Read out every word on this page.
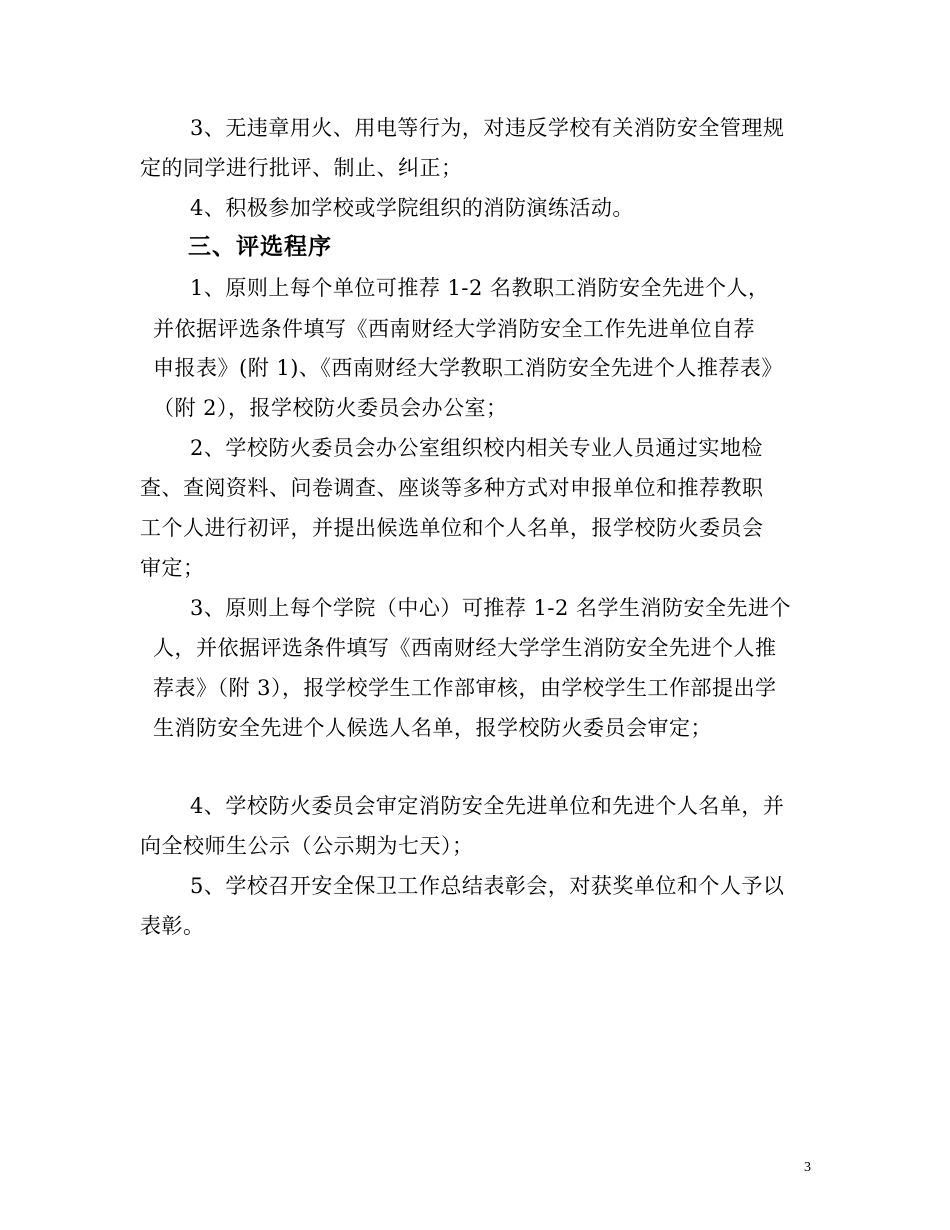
3、无违章用火、用电等行为，对违反学校有关消防安全管理规
定的同学进行批评、制止、纠正；
4、积极参加学校或学院组织的消防演练活动。
三、评选程序
1、原则上每个单位可推荐 1-2 名教职工消防安全先进个人，
并依据评选条件填写《西南财经大学消防安全工作先进单位自荐
申报表》(附 1)、《西南财经大学教职工消防安全先进个人推荐表》
（附 2），报学校防火委员会办公室；
2、学校防火委员会办公室组织校内相关专业人员通过实地检
查、查阅资料、问卷调查、座谈等多种方式对申报单位和推荐教职
工个人进行初评，并提出候选单位和个人名单，报学校防火委员会
审定；
3、原则上每个学院（中心）可推荐 1-2 名学生消防安全先进个
人，并依据评选条件填写《西南财经大学学生消防安全先进个人推
荐表》（附 3），报学校学生工作部审核，由学校学生工作部提出学
生消防安全先进个人候选人名单，报学校防火委员会审定；
4、学校防火委员会审定消防安全先进单位和先进个人名单，并
向全校师生公示（公示期为七天）；
5、学校召开安全保卫工作总结表彰会，对获奖单位和个人予以
表彰。
3
